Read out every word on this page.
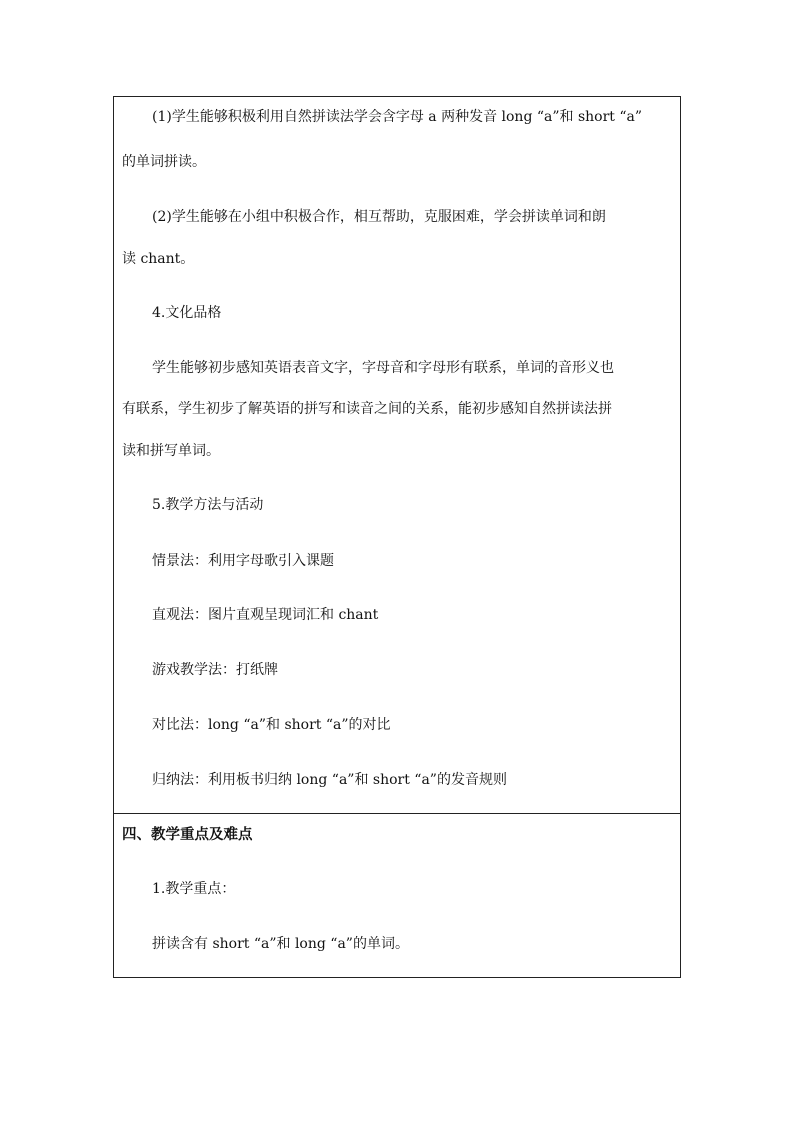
(1)学生能够积极利用自然拼读法学会含字母 a 两种发音 long “a”和 short “a”
的单词拼读。
(2)学生能够在小组中积极合作，相互帮助，克服困难，学会拼读单词和朗
读 chant。
4.文化品格
学生能够初步感知英语表音文字，字母音和字母形有联系，单词的音形义也
有联系，学生初步了解英语的拼写和读音之间的关系，能初步感知自然拼读法拼
读和拼写单词。
5.教学方法与活动
情景法：利用字母歌引入课题
直观法：图片直观呈现词汇和 chant
游戏教学法：打纸牌
对比法：long “a”和 short “a”的对比
归纳法：利用板书归纳 long “a”和 short “a”的发音规则
四、教学重点及难点
1.教学重点：
拼读含有 short “a”和 long “a”的单词。
